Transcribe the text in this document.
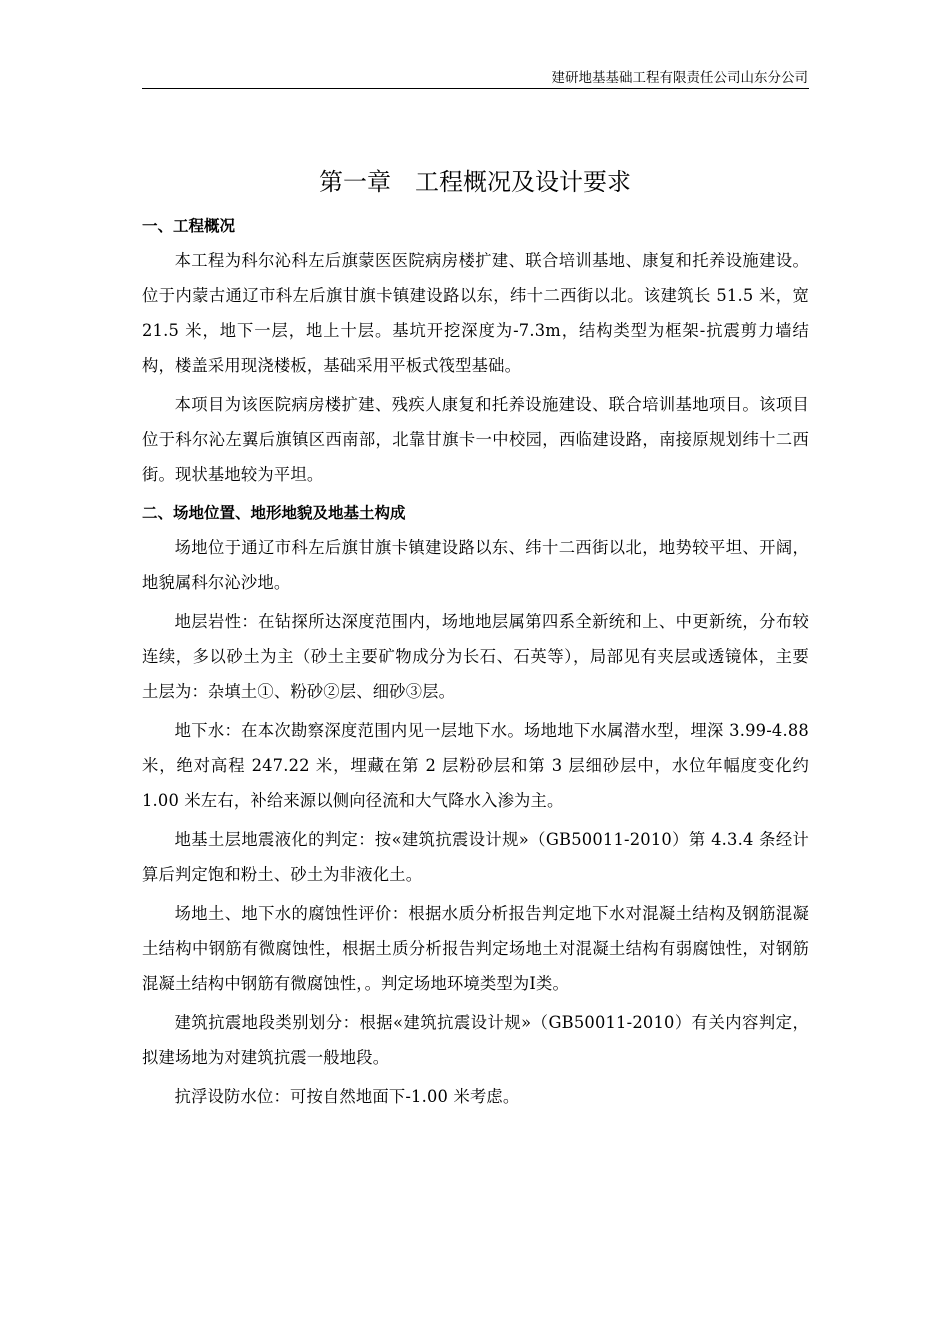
建研地基基础工程有限责任公司山东分公司
第一章　工程概况及设计要求
一、工程概况

本工程为科尔沁科左后旗蒙医医院病房楼扩建、联合培训基地、康复和托养设施建设。位于内蒙古通辽市科左后旗甘旗卡镇建设路以东，纬十二西街以北。该建筑长 51.5 米，宽 21.5 米，地下一层，地上十层。基坑开挖深度为-7.3m，结构类型为框架-抗震剪力墙结构，楼盖采用现浇楼板，基础采用平板式筏型基础。

本项目为该医院病房楼扩建、残疾人康复和托养设施建设、联合培训基地项目。该项目位于科尔沁左翼后旗镇区西南部，北靠甘旗卡一中校园，西临建设路，南接原规划纬十二西街。现状基地较为平坦。

二、场地位置、地形地貌及地基土构成

场地位于通辽市科左后旗甘旗卡镇建设路以东、纬十二西街以北，地势较平坦、开阔，地貌属科尔沁沙地。

地层岩性：在钻探所达深度范围内，场地地层属第四系全新统和上、中更新统，分布较连续，多以砂土为主（砂土主要矿物成分为长石、石英等），局部见有夹层或透镜体，主要土层为：杂填土①、粉砂②层、细砂③层。

地下水：在本次勘察深度范围内见一层地下水。场地地下水属潜水型，埋深 3.99-4.88 米，绝对高程 247.22 米，埋藏在第 2 层粉砂层和第 3 层细砂层中，水位年幅度变化约 1.00 米左右，补给来源以侧向径流和大气降水入渗为主。

地基土层地震液化的判定：按«建筑抗震设计规»（GB50011-2010）第 4.3.4 条经计算后判定饱和粉土、砂土为非液化土。

场地土、地下水的腐蚀性评价：根据水质分析报告判定地下水对混凝土结构及钢筋混凝土结构中钢筋有微腐蚀性，根据土质分析报告判定场地土对混凝土结构有弱腐蚀性，对钢筋混凝土结构中钢筋有微腐蚀性，。判定场地环境类型为Ⅰ类。

建筑抗震地段类别划分：根据«建筑抗震设计规»（GB50011-2010）有关内容判定，拟建场地为对建筑抗震一般地段。

抗浮设防水位：可按自然地面下-1.00 米考虑。
